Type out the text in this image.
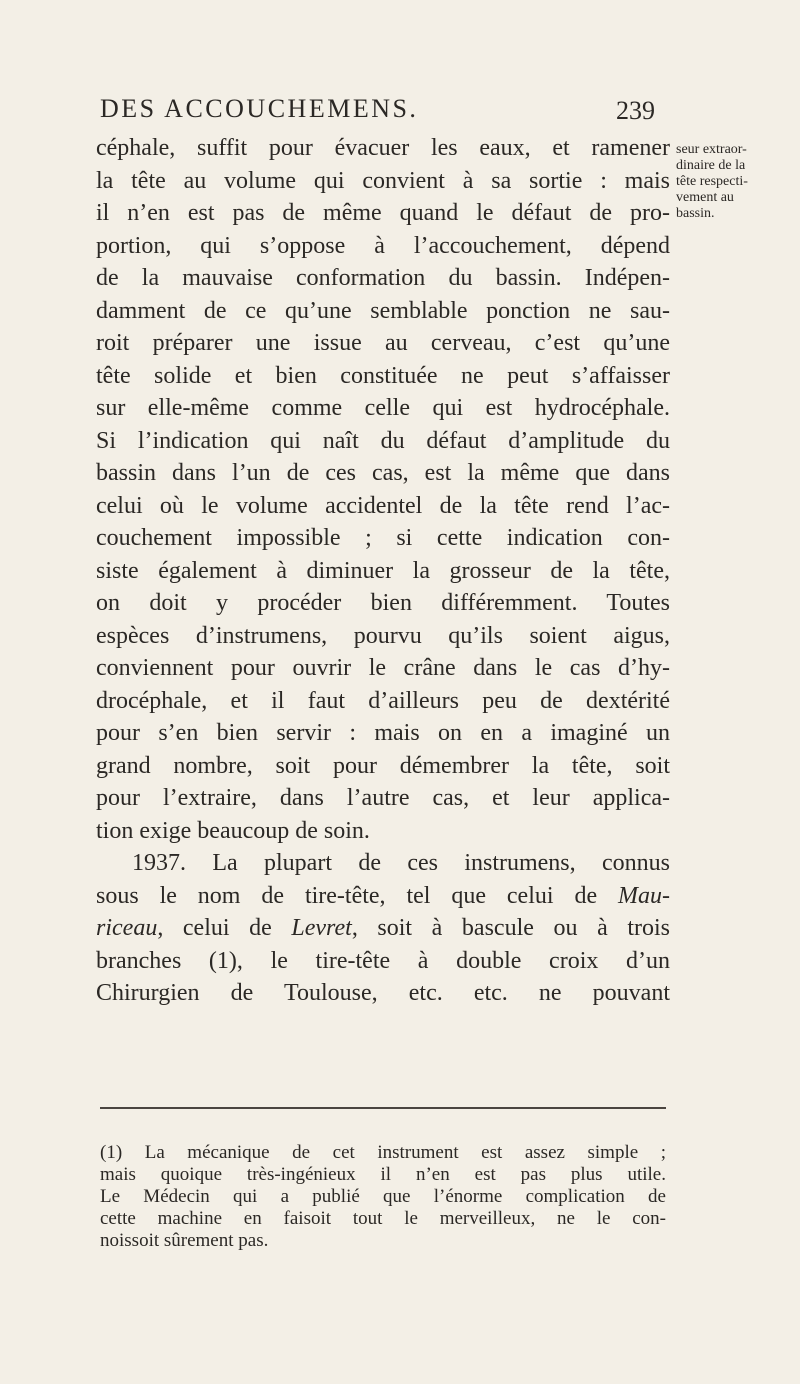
DES ACCOUCHEMENS.	239
seur extraor-
dinaire de la
tête respecti-
vement au
bassin.
céphale, suffit pour évacuer les eaux, et ramener
la tête au volume qui convient à sa sortie : mais
il n’en est pas de même quand le défaut de pro-
portion, qui s’oppose à l’accouchement, dépend
de la mauvaise conformation du bassin. Indépen-
damment de ce qu’une semblable ponction ne sau-
roit préparer une issue au cerveau, c’est qu’une
tête solide et bien constituée ne peut s’affaisser
sur elle-même comme celle qui est hydrocéphale.
Si l’indication qui naît du défaut d’amplitude du
bassin dans l’un de ces cas, est la même que dans
celui où le volume accidentel de la tête rend l’ac-
couchement impossible ; si cette indication con-
siste également à diminuer la grosseur de la tête,
on doit y procéder bien différemment. Toutes
espèces d’instrumens, pourvu qu’ils soient aigus,
conviennent pour ouvrir le crâne dans le cas d’hy-
drocéphale, et il faut d’ailleurs peu de dextérité
pour s’en bien servir : mais on en a imaginé un
grand nombre, soit pour démembrer la tête, soit
pour l’extraire, dans l’autre cas, et leur applica-
tion exige beaucoup de soin.
1937. La plupart de ces instrumens, connus
sous le nom de tire-tête, tel que celui de Mau-
riceau, celui de Levret, soit à bascule ou à trois
branches (1), le tire-tête à double croix d’un
Chirurgien de Toulouse, etc. etc. ne pouvant
(1) La mécanique de cet instrument est assez simple ;
mais quoique très-ingénieux il n’en est pas plus utile.
Le Médecin qui a publié que l’énorme complication de
cette machine en faisoit tout le merveilleux, ne le con-
noissoit sûrement pas.
